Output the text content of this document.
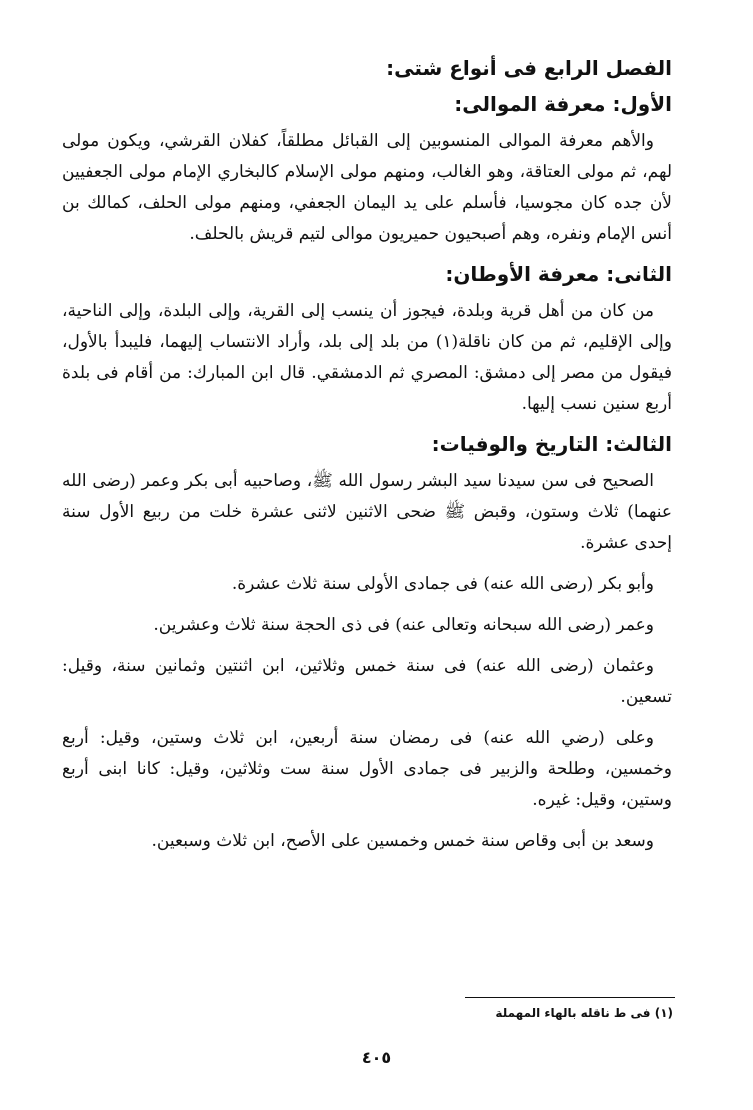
الفصل الرابع فى أنواع شتى:
الأول: معرفة الموالى:

والأهم معرفة الموالى المنسوبين إلى القبائل مطلقاً، كفلان القرشي، ويكون مولى لهم، ثم مولى العتاقة، وهو الغالب، ومنهم مولى الإسلام كالبخاري الإمام مولى الجعفيين لأن جده كان مجوسيا، فأسلم على يد اليمان الجعفي، ومنهم مولى الحلف، كمالك بن أنس الإمام ونفره، وهم أصبحيون حميريون موالى لتيم قريش بالحلف.

الثانى: معرفة الأوطان:

من كان من أهل قرية وبلدة، فيجوز أن ينسب إلى القرية، وإلى البلدة، وإلى الناحية، وإلى الإقليم، ثم من كان ناقلة(١) من بلد إلى بلد، وأراد الانتساب إليهما، فليبدأ بالأول، فيقول من مصر إلى دمشق: المصري ثم الدمشقي. قال ابن المبارك: من أقام فى بلدة أربع سنين نسب إليها.

الثالث: التاريخ والوفيات:

الصحيح فى سن سيدنا سيد البشر رسول الله ﷺ، وصاحبيه أبى بكر وعمر (رضى الله عنهما) ثلاث وستون، وقبض ﷺ ضحى الاثنين لاثنى عشرة خلت من ربيع الأول سنة إحدى عشرة.

وأبو بكر (رضى الله عنه) فى جمادى الأولى سنة ثلاث عشرة.

وعمر (رضى الله سبحانه وتعالى عنه) فى ذى الحجة سنة ثلاث وعشرين.

وعثمان (رضى الله عنه) فى سنة خمس وثلاثين، ابن اثنتين وثمانين سنة، وقيل: تسعين.

وعلى (رضي الله عنه) فى رمضان سنة أربعين، ابن ثلاث وستين، وقيل: أربع وخمسين، وطلحة والزبير فى جمادى الأول سنة ست وثلاثين، وقيل: كانا ابنى أربع وستين، وقيل: غيره.

وسعد بن أبى وقاص سنة خمس وخمسين على الأصح، ابن ثلاث وسبعين.

(١) فى ط ناقله بالهاء المهملة
٤٠٥
